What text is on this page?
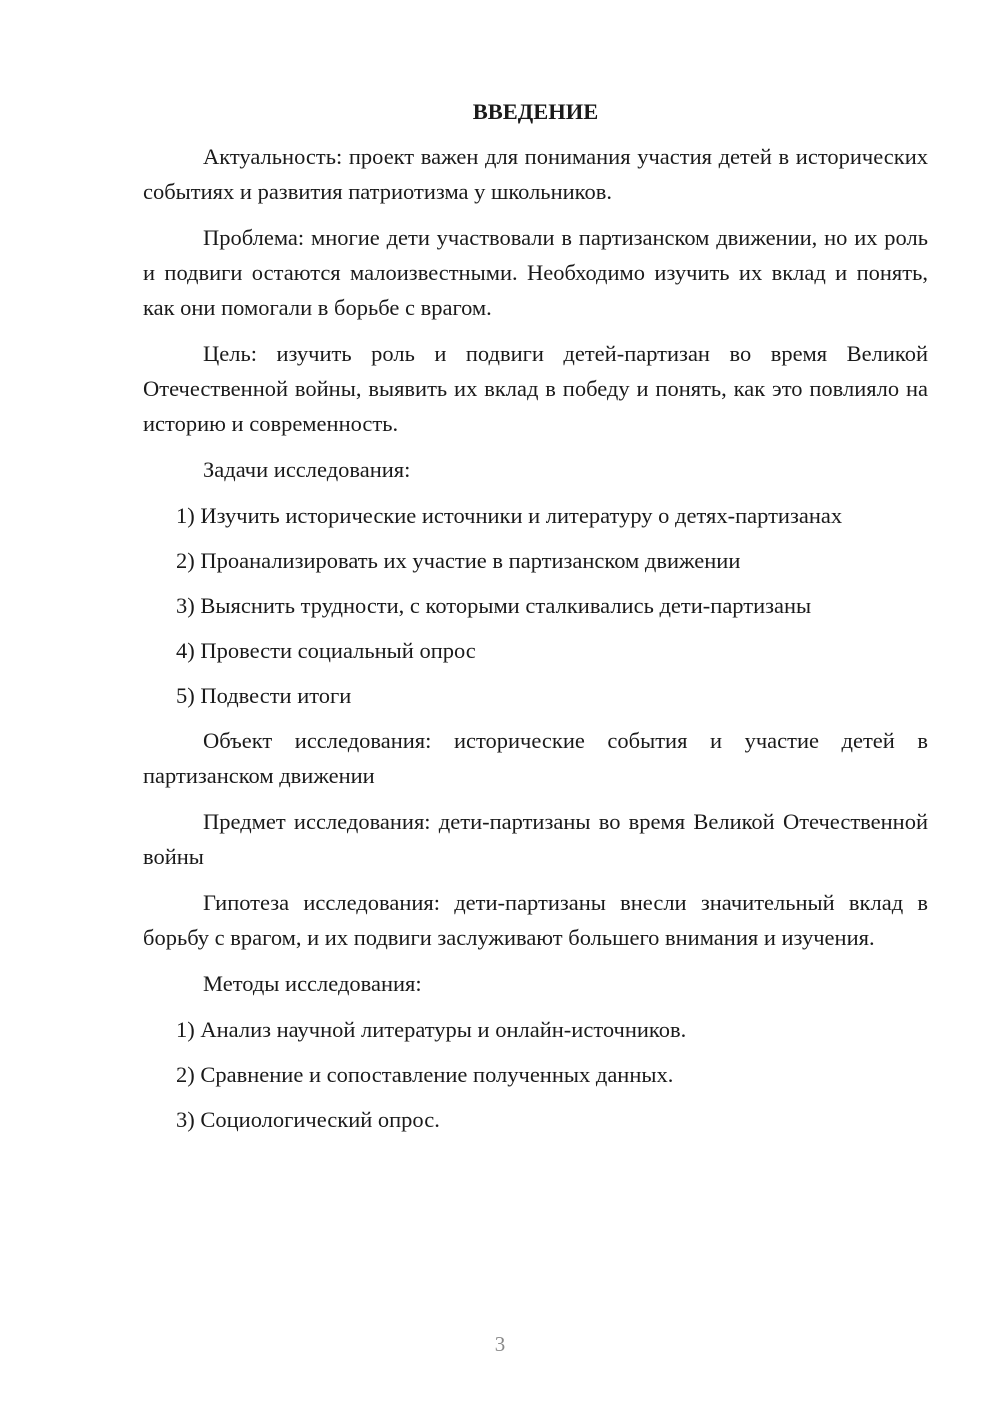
ВВЕДЕНИЕ

Актуальность: проект важен для понимания участия детей в исторических событиях и развития патриотизма у школьников.

Проблема: многие дети участвовали в партизанском движении, но их роль и подвиги остаются малоизвестными. Необходимо изучить их вклад и понять, как они помогали в борьбе с врагом.

Цель: изучить роль и подвиги детей-партизан во время Великой Отечественной войны, выявить их вклад в победу и понять, как это повлияло на историю и современность.

Задачи исследования:

1) Изучить исторические источники и литературу о детях-партизанах
2) Проанализировать их участие в партизанском движении
3) Выяснить трудности, с которыми сталкивались дети-партизаны
4) Провести социальный опрос
5) Подвести итоги

Объект исследования: исторические события и участие детей в партизанском движении

Предмет исследования: дети-партизаны во время Великой Отечественной войны

Гипотеза исследования: дети-партизаны внесли значительный вклад в борьбу с врагом, и их подвиги заслуживают большего внимания и изучения.

Методы исследования:

1) Анализ научной литературы и онлайн-источников.
2) Сравнение и сопоставление полученных данных.
3) Социологический опрос.
3
